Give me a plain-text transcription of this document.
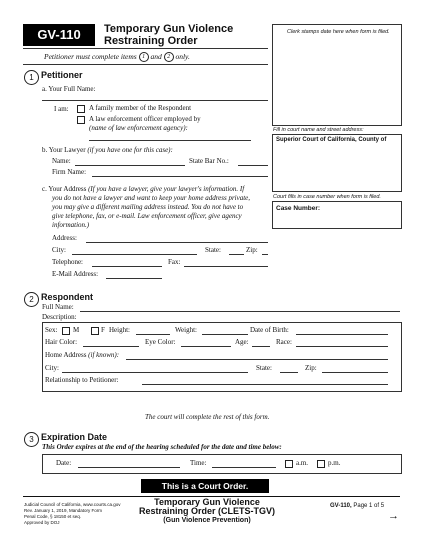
GV-110	Temporary Gun Violence
Restraining Order
Petitioner must complete items 1 and 2 only.
Clerk stamps date here when form is filed.
Fill in court name and street address:
Superior Court of California, County of
Court fills in case number when form is filed.
Case Number:
1 Petitioner
a. Your Full Name:
I am:	A family member of the Respondent
A law enforcement officer employed by
(name of law enforcement agency):
b. Your Lawyer (if you have one for this case):
Name:	State Bar No.:
Firm Name:
c. Your Address (If you have a lawyer, give your lawyer's information. If
you do not have a lawyer and want to keep your home address private,
you may give a different mailing address instead. You do not have to
give telephone, fax, or e-mail. Law enforcement officer, give agency
information.)
Address:
City:	State:	Zip:
Telephone:	Fax:
E-Mail Address:
2 Respondent
Full Name:
Description:
Sex: M	F Height:	Weight:	Date of Birth:
Hair Color:	Eye Color:	Age:	Race:
Home Address (if known):
City:	State:	Zip:
Relationship to Petitioner:
The court will complete the rest of this form.
3 Expiration Date
This Order expires at the end of the hearing scheduled for the date and time below:
Date:	Time:	a.m.	p.m.
This is a Court Order.
Judicial Council of California, www.courts.ca.gov
Rev. January 1, 2019, Mandatory Form
Penal Code, § 18150 et seq.
Approved by DOJ
Temporary Gun Violence
Restraining Order (CLETS-TGV)
(Gun Violence Prevention)
GV-110, Page 1 of 5
→
